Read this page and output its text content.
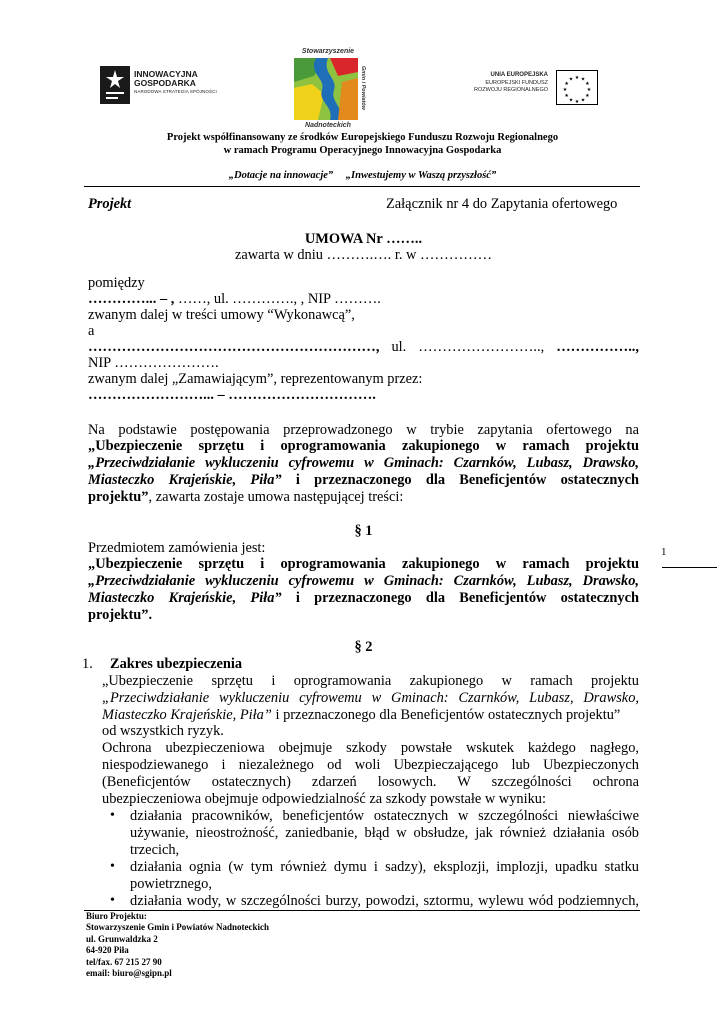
INNOWACYJNA
GOSPODARKA
NARODOWA STRATEGIA SPÓJNOŚCI
Stowarzyszenie
Gmin i Powiatów
Nadnoteckich
UNIA EUROPEJSKA
EUROPEJSKI FUNDUSZ
ROZWOJU REGIONALNEGO
★ ★
★
★
★
★
★
★
★
★
★
★
Projekt współfinansowany ze środków Europejskiego Funduszu Rozwoju Regionalnego
w ramach Programu Operacyjnego Innowacyjna Gospodarka
„Dotacje na innowacje” „Inwestujemy w Waszą przyszłość”
Projekt	Załącznik nr 4 do Zapytania ofertowego
UMOWA Nr ……..
zawarta w dniu ……….…. r. w ……………
pomiędzy
…………... – , ……, ul. …………., , NIP ……….
zwanym dalej w treści umowy “Wykonawcą”,
a
……………………………………………………, ul. …………………….., ……………..,
NIP ………………….
zwanym dalej „Zamawiającym”, reprezentowanym przez:
……………………... – ………………………….
Na podstawie postępowania przeprowadzonego w trybie zapytania ofertowego na
„Ubezpieczenie sprzętu i oprogramowania zakupionego w ramach projektu
„Przeciwdziałanie wykluczeniu cyfrowemu w Gminach: Czarnków, Lubasz, Drawsko,
Miasteczko Krajeńskie, Piła” i przeznaczonego dla Beneficjentów ostatecznych
projektu”, zawarta zostaje umowa następującej treści:
§ 1
Przedmiotem zamówienia jest:
„Ubezpieczenie sprzętu i oprogramowania zakupionego w ramach projektu
„Przeciwdziałanie wykluczeniu cyfrowemu w Gminach: Czarnków, Lubasz, Drawsko,
Miasteczko Krajeńskie, Piła” i przeznaczonego dla Beneficjentów ostatecznych
projektu”.
1
§ 2
1. Zakres ubezpieczenia
„Ubezpieczenie sprzętu i oprogramowania zakupionego w ramach projektu
„Przeciwdziałanie wykluczeniu cyfrowemu w Gminach: Czarnków, Lubasz, Drawsko,
Miasteczko Krajeńskie, Piła” i przeznaczonego dla Beneficjentów ostatecznych projektu”
od wszystkich ryzyk.
Ochrona ubezpieczeniowa obejmuje szkody powstałe wskutek każdego nagłego,
niespodziewanego i niezależnego od woli Ubezpieczającego lub Ubezpieczonych
(Beneficjentów ostatecznych) zdarzeń losowych. W szczególności ochrona
ubezpieczeniowa obejmuje odpowiedzialność za szkody powstałe w wyniku:
• działania pracowników, beneficjentów ostatecznych w szczególności niewłaściwe
używanie, nieostrożność, zaniedbanie, błąd w obsłudze, jak również działania osób
trzecich,
• działania ognia (w tym również dymu i sadzy), eksplozji, implozji, upadku statku
powietrznego,
• działania wody, w szczególności burzy, powodzi, sztormu, wylewu wód podziemnych,
Biuro Projektu:
Stowarzyszenie Gmin i Powiatów Nadnoteckich
ul. Grunwaldzka 2
64-920 Piła
tel/fax. 67 215 27 90
email: biuro@sgipn.pl
